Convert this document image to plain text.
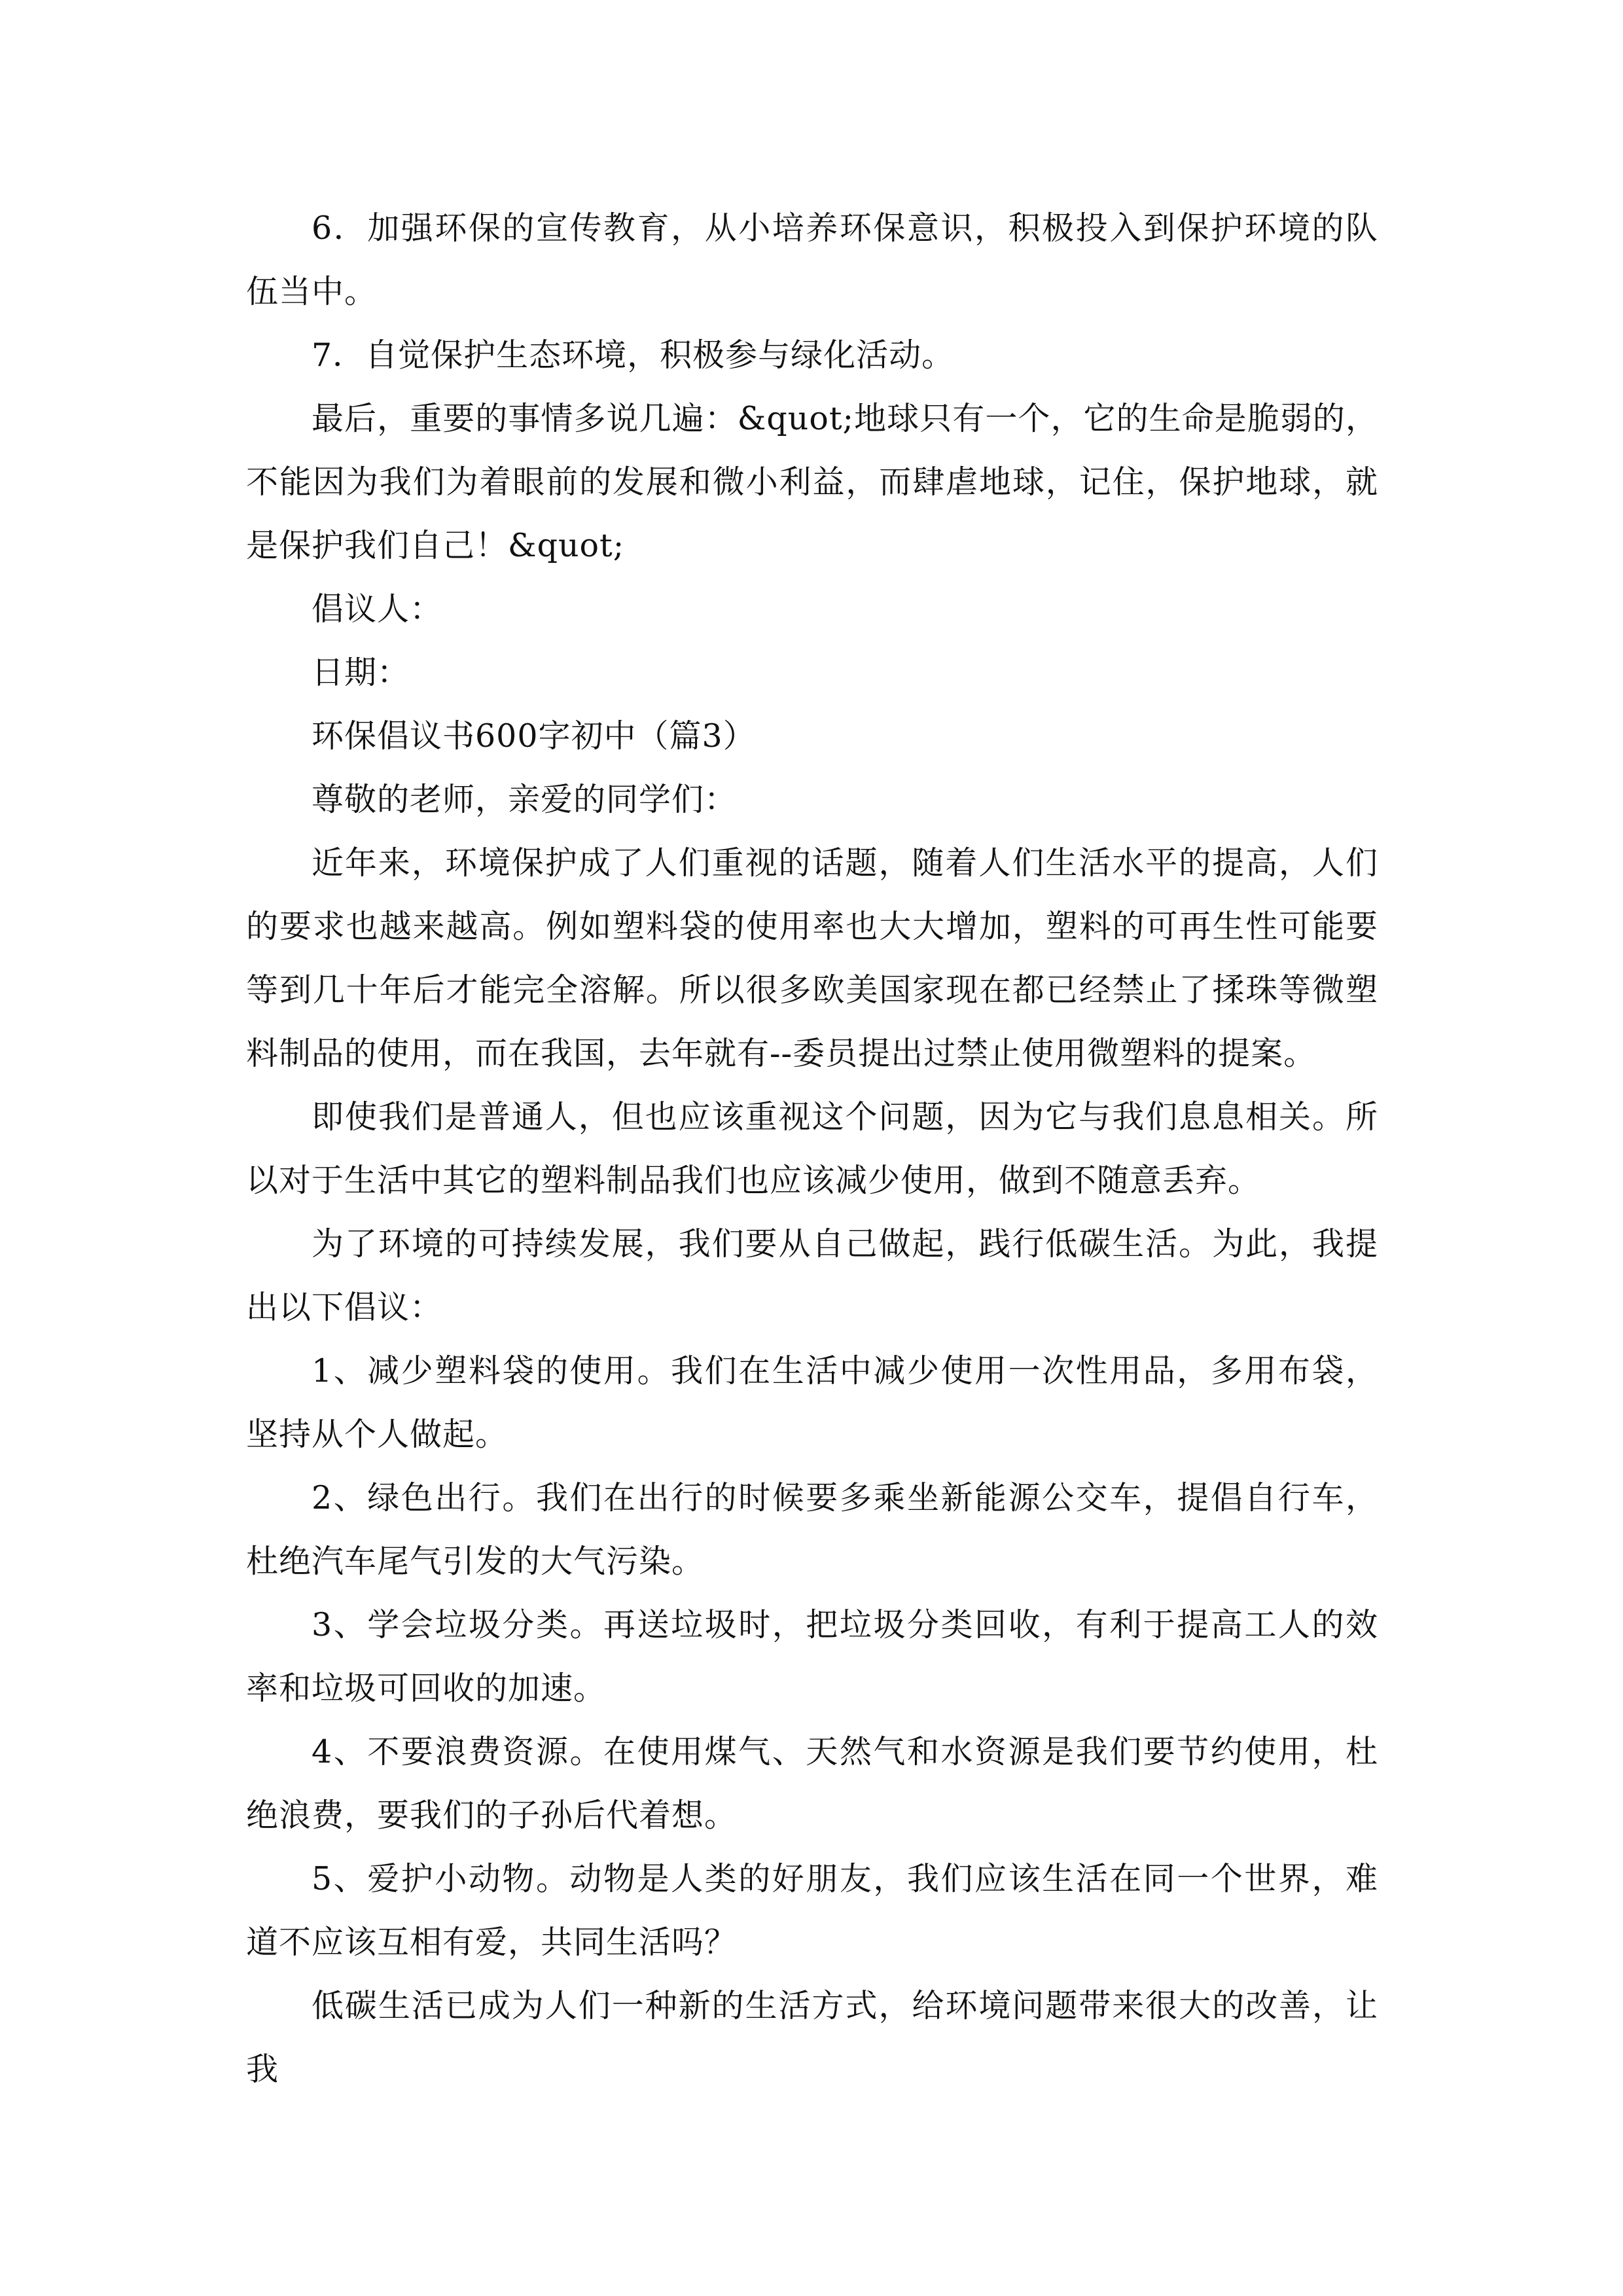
6．加强环保的宣传教育，从小培养环保意识，积极投入到保护环境的队伍当中。

7．自觉保护生态环境，积极参与绿化活动。

最后，重要的事情多说几遍：&quot;地球只有一个，它的生命是脆弱的，不能因为我们为着眼前的发展和微小利益，而肆虐地球，记住，保护地球，就是保护我们自己！&quot;

倡议人：

日期：

环保倡议书600字初中（篇3）

尊敬的老师，亲爱的同学们：

近年来，环境保护成了人们重视的话题，随着人们生活水平的提高，人们的要求也越来越高。例如塑料袋的使用率也大大增加，塑料的可再生性可能要等到几十年后才能完全溶解。所以很多欧美国家现在都已经禁止了揉珠等微塑料制品的使用，而在我国，去年就有--委员提出过禁止使用微塑料的提案。

即使我们是普通人，但也应该重视这个问题，因为它与我们息息相关。所以对于生活中其它的塑料制品我们也应该减少使用，做到不随意丢弃。

为了环境的可持续发展，我们要从自己做起，践行低碳生活。为此，我提出以下倡议：

1、减少塑料袋的使用。我们在生活中减少使用一次性用品，多用布袋，坚持从个人做起。

2、绿色出行。我们在出行的时候要多乘坐新能源公交车，提倡自行车，杜绝汽车尾气引发的大气污染。

3、学会垃圾分类。再送垃圾时，把垃圾分类回收，有利于提高工人的效率和垃圾可回收的加速。

4、不要浪费资源。在使用煤气、天然气和水资源是我们要节约使用，杜绝浪费，要我们的子孙后代着想。

5、爱护小动物。动物是人类的好朋友，我们应该生活在同一个世界，难道不应该互相有爱，共同生活吗？

低碳生活已成为人们一种新的生活方式，给环境问题带来很大的改善，让我
